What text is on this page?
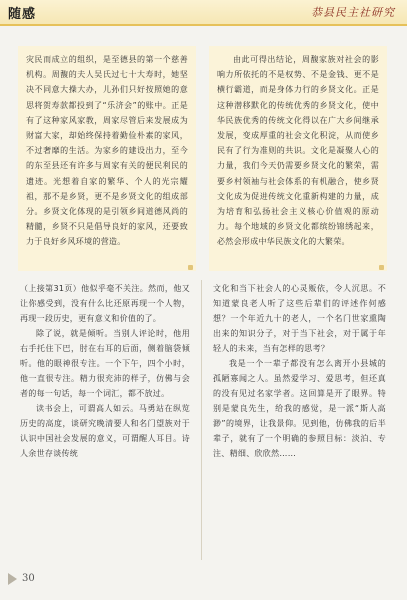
随感	恭县民主社研究

灾民而成立的组织，是至德县的第一个慈善机构。周馥的夫人吴氏过七十大寿时，她坚决不同意大操大办，儿孙们只好按照她的意思将贺寿款都投到了“乐济会”的账中。正是有了这种家风家教，周家尽管后来发展成为财富大家，却始终保持着勤俭朴素的家风，不过奢靡的生活。为家乡的建设出力，至今的东至县还有许多与周家有关的便民利民的遗迹。光想着自家的繁华、个人的光宗耀祖，那不是乡贤，更不是乡贤文化的组成部分。乡贤文化体现的是引领乡间道德风尚的精髓，乡贤不只是倡导良好的家风，还要致力于良好乡风环境的营造。

由此可得出结论，周馥家族对社会的影响力所依托的不是权势、不是金钱、更不是横行霸道，而是身体力行的乡贤文化。正是这种潜移默化的传统优秀的乡贤文化，使中华民族优秀的传统文化得以在广大乡间继承发展，变成厚重的社会文化积淀，从而使乡民有了行为准则的共识。文化是凝聚人心的力量，我们今天仍需要乡贤文化的繁荣，需要乡村领袖与社会体系的有机融合，使乡贤文化成为促进传统文化重新构建的力量，成为培育和弘扬社会主义核心价值观的原动力。每个地域的乡贤文化都缤纷锦绣起来，必然会形成中华民族文化的大繁荣。

（上接第31页）他似乎毫不关注。然而，他又让你感受到，没有什么比还原再现一个人物，再现一段历史，更有意义和价值的了。

除了说，就是倾听。当别人评论时，他用右手托住下巴，肘在右耳的后面，侧着脑袋倾听。他的眼神很专注。一个下午，四个小时，他一直很专注。精力很充沛的样子，仿佛与会者的每一句话，每一个词汇，都不放过。

读书会上，可谓高人如云。马勇站在纵览历史的高度，谈研究晚清要人和名门望族对于认识中国社会发展的意义，可谓醒人耳目。诗人余世存谈传统

文化和当下社会人的心灵贩依，令人沉思。不知道蒙良老人听了这些后辈们的评述作何感想？一个年近九十的老人，一个名门世家熏陶出来的知识分子，对于当下社会，对于属于年轻人的未来，当有怎样的思考？

我是一个一辈子都没有怎么离开小县城的孤陋寡闻之人。虽然爱学习、爱思考，但还真的没有见过名家学者。这回算是开了眼界。特别是蒙良先生，给我的感觉，是一派“斯人高渺”的境界，让我景仰。见到他，仿佛我的后半辈子，就有了一个明确的参照目标：淡泊、专注、精细、欣欣然……

30
